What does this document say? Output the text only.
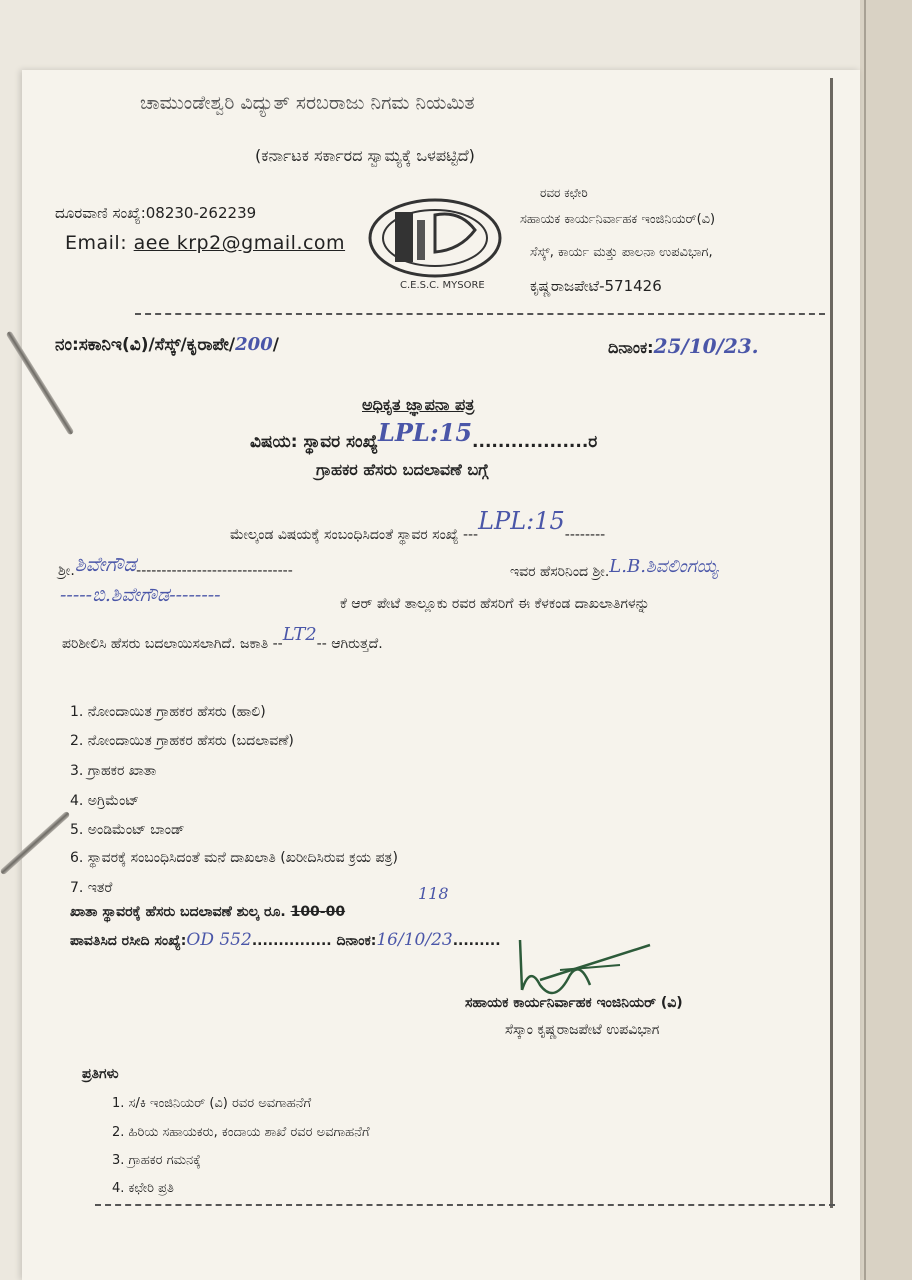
ಚಾಮುಂಡೇಶ್ವರಿ ವಿದ್ಯುತ್ ಸರಬರಾಜು ನಿಗಮ ನಿಯಮಿತ
(ಕರ್ನಾಟಕ ಸರ್ಕಾರದ ಸ್ವಾಮ್ಯಕ್ಕೆ ಒಳಪಟ್ಟಿದೆ)
ದೂರವಾಣಿ ಸಂಖ್ಯೆ:08230-262239
Email: aee krp2@gmail.com
C.E.S.C. MYSORE
ರವರ ಕಛೇರಿ
ಸಹಾಯಕ ಕಾರ್ಯನಿರ್ವಾಹಕ ಇಂಜಿನಿಯರ್(ವಿ)
ಸೆಸ್ಕ್, ಕಾರ್ಯ ಮತ್ತು ಪಾಲನಾ ಉಪವಿಭಾಗ,
ಕೃಷ್ಣರಾಜಪೇಟೆ-571426
ನಂ:ಸಕಾನಿಇ(ವಿ)/ಸೆಸ್ಕ್/ಕೃರಾಪೇ/200/	ದಿನಾಂಕ:25/10/23.
ಅಧಿಕೃತ ಜ್ಞಾಪನಾ ಪತ್ರ
ವಿಷಯ: ಸ್ಥಾವರ ಸಂಖ್ಯೆLPL:15..................ರ
ಗ್ರಾಹಕರ ಹೆಸರು ಬದಲಾವಣೆ ಬಗ್ಗೆ
ಮೇಲ್ಕಂಡ ವಿಷಯಕ್ಕೆ ಸಂಬಂಧಿಸಿದಂತೆ ಸ್ಥಾವರ ಸಂಖ್ಯೆ ---LPL:15--------
ಶ್ರೀ.ಶಿವೇಗೌಡ-------------------------------	ಇವರ ಹೆಸರಿನಿಂದ ಶ್ರೀ.L.B.ಶಿವಲಿಂಗಯ್ಯ
-----ಬಿ.ಶಿವೇಗೌಡ--------	ಕೆ ಆರ್ ಪೇಟೆ ತಾಲ್ಲೂಕು ರವರ ಹೆಸರಿಗೆ ಈ ಕೆಳಕಂಡ ದಾಖಲಾತಿಗಳನ್ನು
ಪರಿಶೀಲಿಸಿ ಹೆಸರು ಬದಲಾಯಿಸಲಾಗಿದೆ. ಜಕಾತಿ --LT2-- ಆಗಿರುತ್ತದೆ.
1. ನೋಂದಾಯಿತ ಗ್ರಾಹಕರ ಹೆಸರು (ಹಾಲಿ)
2. ನೋಂದಾಯಿತ ಗ್ರಾಹಕರ ಹೆಸರು (ಬದಲಾವಣೆ)
3. ಗ್ರಾಹಕರ ಖಾತಾ
4. ಅಗ್ರಿಮೆಂಟ್
5. ಅಂಡಿಮೆಂಟ್ ಬಾಂಡ್
6. ಸ್ಥಾವರಕ್ಕೆ ಸಂಬಂಧಿಸಿದಂತೆ ಮನೆ ದಾಖಲಾತಿ (ಖರೀದಿಸಿರುವ ಕ್ರಯ ಪತ್ರ)
7. ಇತರೆ
ಖಾತಾ ಸ್ಥಾವರಕ್ಕೆ ಹೆಸರು ಬದಲಾವಣೆ ಶುಲ್ಕ ರೂ. 100-00
118
ಪಾವತಿಸಿದ ರಸೀದಿ ಸಂಖ್ಯೆ:OD 552............... ದಿನಾಂಕ:16/10/23.........
ಸಹಾಯಕ ಕಾರ್ಯನಿರ್ವಾಹಕ ಇಂಜಿನಿಯರ್ (ವಿ)
ಸೆಸ್ಕಾಂ ಕೃಷ್ಣರಾಜಪೇಟೆ ಉಪವಿಭಾಗ
ಪ್ರತಿಗಳು
1. ಸ/ಕಿ ಇಂಜಿನಿಯರ್ (ವಿ) ರವರ ಅವಗಾಹನೆಗೆ
2. ಹಿರಿಯ ಸಹಾಯಕರು, ಕಂದಾಯ ಶಾಖೆ ರವರ ಅವಗಾಹನೆಗೆ
3. ಗ್ರಾಹಕರ ಗಮನಕ್ಕೆ
4. ಕಛೇರಿ ಪ್ರತಿ
